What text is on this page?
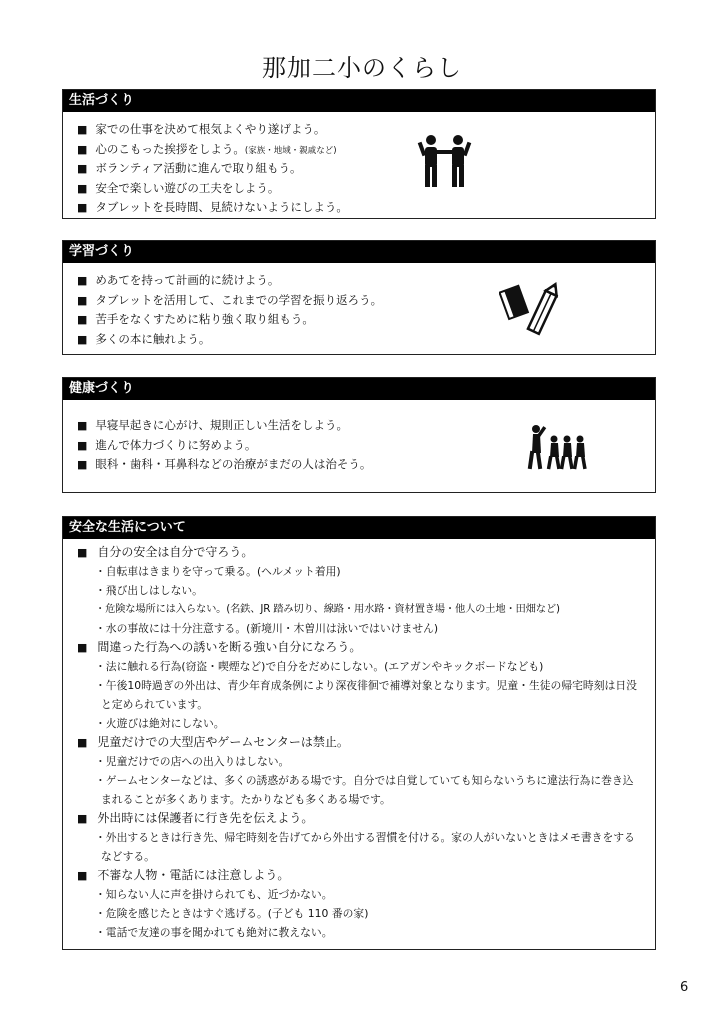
那加二小のくらし
生活づくり
■ 家での仕事を決めて根気よくやり遂げよう。
■ 心のこもった挨拶をしよう。(家族・地域・親戚など)
■ ボランティア活動に進んで取り組もう。
■ 安全で楽しい遊びの工夫をしよう。
■ タブレットを長時間、見続けないようにしよう。
学習づくり
■ めあてを持って計画的に続けよう。
■ タブレットを活用して、これまでの学習を振り返ろう。
■ 苦手をなくすために粘り強く取り組もう。
■ 多くの本に触れよう。
健康づくり
■ 早寝早起きに心がけ、規則正しい生活をしよう。
■ 進んで体力づくりに努めよう。
■ 眼科・歯科・耳鼻科などの治療がまだの人は治そう。
安全な生活について
■ 自分の安全は自分で守ろう。
・自転車はきまりを守って乗る。(ヘルメット着用)
・飛び出しはしない。
・危険な場所には入らない。(名鉄、JR 踏み切り、線路・用水路・資材置き場・他人の土地・田畑など)
・水の事故には十分注意する。(新境川・木曽川は泳いではいけません)
■ 間違った行為への誘いを断る強い自分になろう。
・法に触れる行為(窃盗・喫煙など)で自分をだめにしない。(エアガンやキックボードなども)
・午後10時過ぎの外出は、青少年育成条例により深夜徘徊で補導対象となります。児童・生徒の帰宅時刻は日没と定められています。
・火遊びは絶対にしない。
■ 児童だけでの大型店やゲームセンターは禁止。
・児童だけでの店への出入りはしない。
・ゲームセンターなどは、多くの誘惑がある場です。自分では自覚していても知らないうちに違法行為に巻き込まれることが多くあります。たかりなども多くある場です。
■ 外出時には保護者に行き先を伝えよう。
・外出するときは行き先、帰宅時刻を告げてから外出する習慣を付ける。家の人がいないときはメモ書きをするなどする。
■ 不審な人物・電話には注意しよう。
・知らない人に声を掛けられても、近づかない。
・危険を感じたときはすぐ逃げる。(子ども 110 番の家)
・電話で友達の事を聞かれても絶対に教えない。
6
